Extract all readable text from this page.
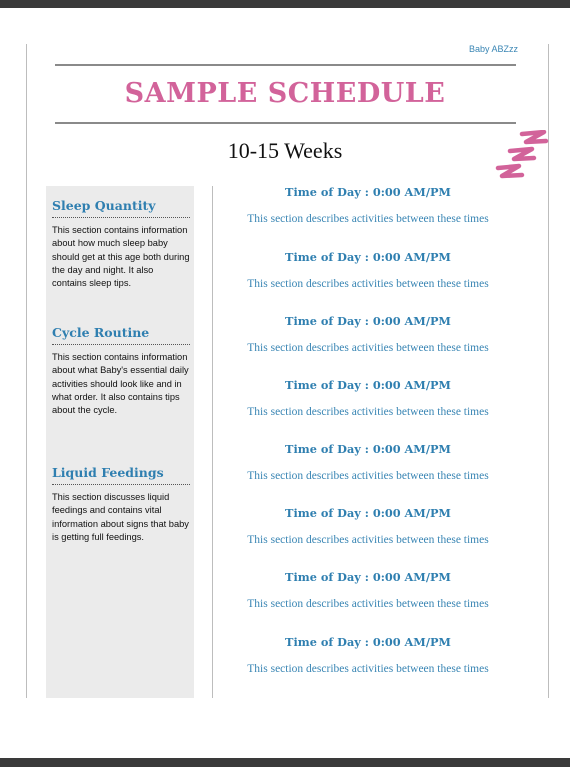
Baby ABZzz
SAMPLE SCHEDULE
10-15 Weeks
Sleep Quantity
This section contains information about how much sleep baby should get at this age both during the day and night. It also contains sleep tips.
Cycle Routine
This section contains information about what Baby's essential daily activities should look like and in what order. It also contains tips about the cycle.
Liquid Feedings
This section discusses liquid feedings and contains vital information about signs that baby is getting full feedings.
Time of Day : 0:00 AM/PM
This section describes activities between these times
Time of Day : 0:00 AM/PM
This section describes activities between these times
Time of Day : 0:00 AM/PM
This section describes activities between these times
Time of Day : 0:00 AM/PM
This section describes activities between these times
Time of Day : 0:00 AM/PM
This section describes activities between these times
Time of Day : 0:00 AM/PM
This section describes activities between these times
Time of Day : 0:00 AM/PM
This section describes activities between these times
Time of Day : 0:00 AM/PM
This section describes activities between these times
